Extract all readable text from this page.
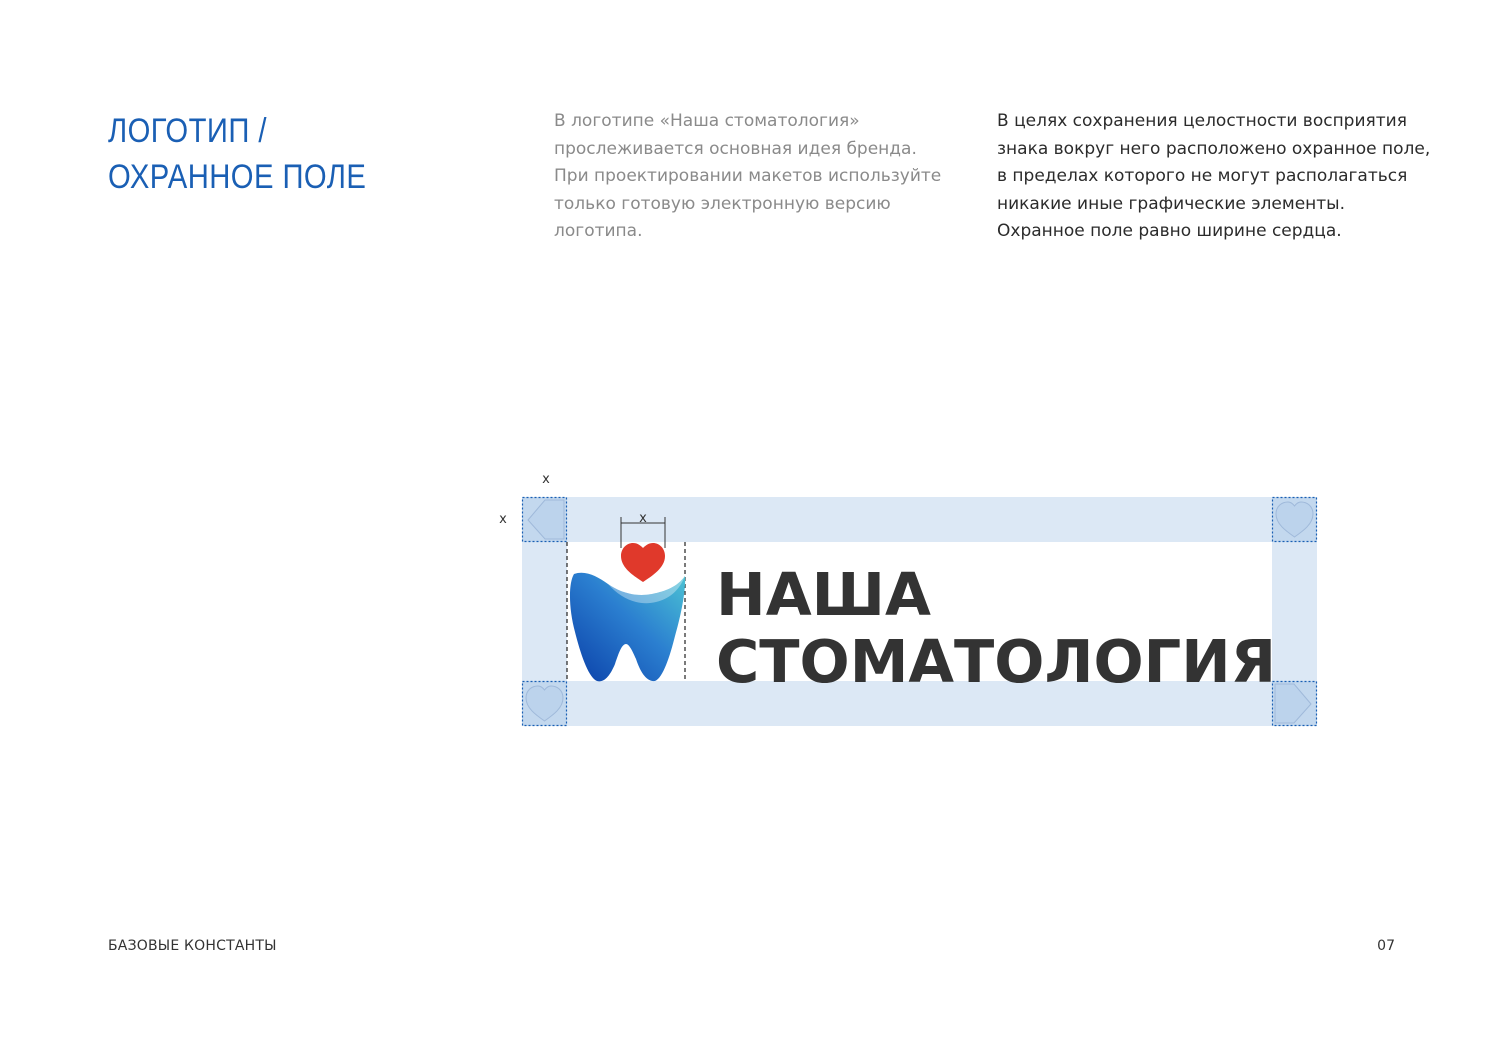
ЛОГОТИП /
ОХРАННОЕ ПОЛЕ

В логотипе «Наша стоматология» прослеживается основная идея бренда. При проектировании макетов используйте только готовую электронную версию логотипа.

В целях сохранения целостности восприятия знака вокруг него расположено охранное поле, в пределах которого не могут располагаться никакие иные графические элементы. Охранное поле равно ширине сердца.

НАША
СТОМАТОЛОГИЯ
x
x	x
БАЗОВЫЕ КОНСТАНТЫ	07
